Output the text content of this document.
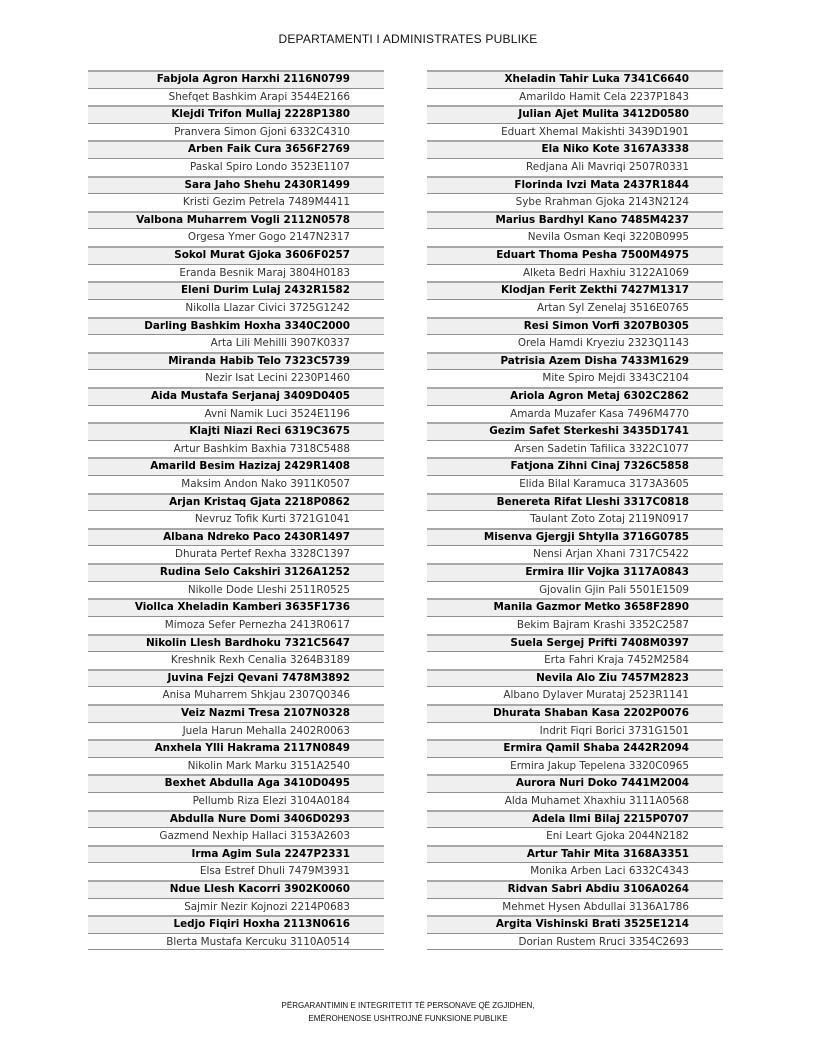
DEPARTAMENTI I ADMINISTRATES PUBLIKE
Fabjola Agron Harxhi 2116N0799
Shefqet Bashkim Arapi 3544E2166
Klejdi Trifon Mullaj 2228P1380
Pranvera Simon Gjoni 6332C4310
Arben Faik Cura 3656F2769
Paskal Spiro Londo 3523E1107
Sara Jaho Shehu 2430R1499
Kristi Gezim Petrela 7489M4411
Valbona Muharrem Vogli 2112N0578
Orgesa Ymer Gogo 2147N2317
Sokol Murat Gjoka 3606F0257
Eranda Besnik Maraj 3804H0183
Eleni Durim Lulaj 2432R1582
Nikolla Llazar Civici 3725G1242
Darling Bashkim Hoxha 3340C2000
Arta Lili Mehilli 3907K0337
Miranda Habib Telo 7323C5739
Nezir Isat Lecini 2230P1460
Aida Mustafa Serjanaj 3409D0405
Avni Namik Luci 3524E1196
Klajti Niazi Reci 6319C3675
Artur Bashkim Baxhia 7318C5488
Amarild Besim Hazizaj 2429R1408
Maksim Andon Nako 3911K0507
Arjan Kristaq Gjata 2218P0862
Nevruz Tofik Kurti 3721G1041
Albana Ndreko Paco 2430R1497
Dhurata Pertef Rexha 3328C1397
Rudina Selo Cakshiri 3126A1252
Nikolle Dode Lleshi 2511R0525
Viollca Xheladin Kamberi 3635F1736
Mimoza Sefer Pernezha 2413R0617
Nikolin Llesh Bardhoku 7321C5647
Kreshnik Rexh Cenalia 3264B3189
Juvina Fejzi Qevani 7478M3892
Anisa Muharrem Shkjau 2307Q0346
Veiz Nazmi Tresa 2107N0328
Juela Harun Mehalla 2402R0063
Anxhela Ylli Hakrama 2117N0849
Nikolin Mark Marku 3151A2540
Bexhet Abdulla Aga 3410D0495
Pellumb Riza Elezi 3104A0184
Abdulla Nure Domi 3406D0293
Gazmend Nexhip Hallaci 3153A2603
Irma Agim Sula 2247P2331
Elsa Estref Dhuli 7479M3931
Ndue Llesh Kacorri 3902K0060
Sajmir Nezir Kojnozi 2214P0683
Ledjo Fiqiri Hoxha 2113N0616
Blerta Mustafa Kercuku 3110A0514
Xheladin Tahir Luka 7341C6640
Amarildo Hamit Cela 2237P1843
Julian Ajet Mulita 3412D0580
Eduart Xhemal Makishti 3439D1901
Ela Niko Kote 3167A3338
Redjana Ali Mavriqi 2507R0331
Florinda Ivzi Mata 2437R1844
Sybe Rrahman Gjoka 2143N2124
Marius Bardhyl Kano 7485M4237
Nevila Osman Keqi 3220B0995
Eduart Thoma Pesha 7500M4975
Alketa Bedri Haxhiu 3122A1069
Klodjan Ferit Zekthi 7427M1317
Artan Syl Zenelaj 3516E0765
Resi Simon Vorfi 3207B0305
Orela Hamdi Kryeziu 2323Q1143
Patrisia Azem Disha 7433M1629
Mite Spiro Mejdi 3343C2104
Ariola Agron Metaj 6302C2862
Amarda Muzafer Kasa 7496M4770
Gezim Safet Sterkeshi 3435D1741
Arsen Sadetin Tafilica 3322C1077
Fatjona Zihni Cinaj 7326C5858
Elida Bilal Karamuca 3173A3605
Benereta Rifat Lleshi 3317C0818
Taulant Zoto Zotaj 2119N0917
Misenva Gjergji Shtylla 3716G0785
Nensi Arjan Xhani 7317C5422
Ermira Ilir Vojka 3117A0843
Gjovalin Gjin Pali 5501E1509
Manila Gazmor Metko 3658F2890
Bekim Bajram Krashi 3352C2587
Suela Sergej Prifti 7408M0397
Erta Fahri Kraja 7452M2584
Nevila Alo Ziu 7457M2823
Albano Dylaver Murataj 2523R1141
Dhurata Shaban Kasa 2202P0076
Indrit Fiqri Borici 3731G1501
Ermira Qamil Shaba 2442R2094
Ermira Jakup Tepelena 3320C0965
Aurora Nuri Doko 7441M2004
Alda Muhamet Xhaxhiu 3111A0568
Adela Ilmi Bilaj 2215P0707
Eni Leart Gjoka 2044N2182
Artur Tahir Mita 3168A3351
Monika Arben Laci 6332C4343
Ridvan Sabri Abdiu 3106A0264
Mehmet Hysen Abdullai 3136A1786
Argita Vishinski Brati 3525E1214
Dorian Rustem Rruci 3354C2693
PËRGARANTIMIN E INTEGRITETIT TË PERSONAVE QË ZGJIDHEN,
EMËROHENOSE USHTROJNË FUNKSIONE PUBLIKE
